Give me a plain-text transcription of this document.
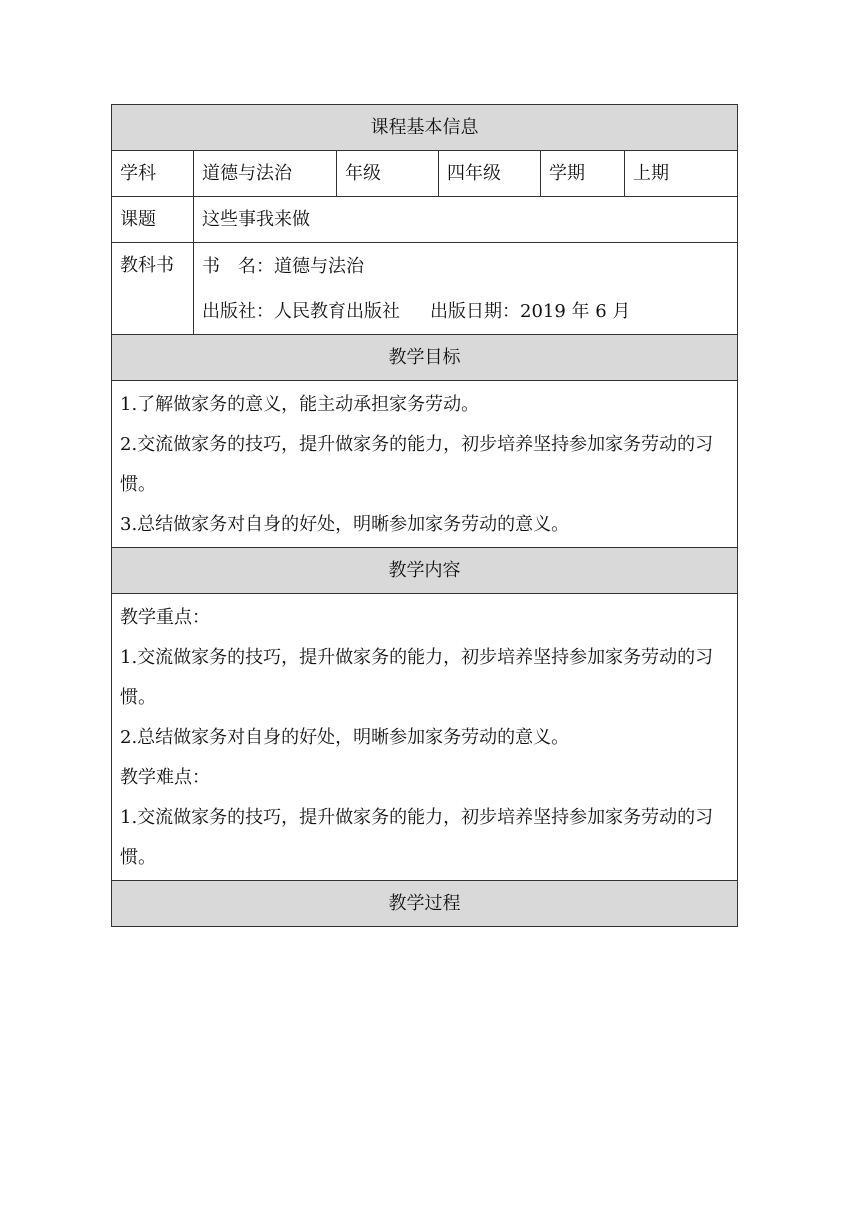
课程基本信息					
学科	道德与法治	年级	四年级	学期	上期
课题	这些事我来做				
教科书	书　名：道德与法治
出版社：人民教育出版社 出版日期：2019 年 6 月				

教学目标					

1.了解做家务的意义，能主动承担家务劳动。

2.交流做家务的技巧，提升做家务的能力，初步培养坚持参加家务劳动的习惯。

3.总结做家务对自身的好处，明晰参加家务劳动的意义。					

教学内容					

教学重点：

1.交流做家务的技巧，提升做家务的能力，初步培养坚持参加家务劳动的习惯。

2.总结做家务对自身的好处，明晰参加家务劳动的意义。

教学难点：

1.交流做家务的技巧，提升做家务的能力，初步培养坚持参加家务劳动的习惯。					

教学过程					
